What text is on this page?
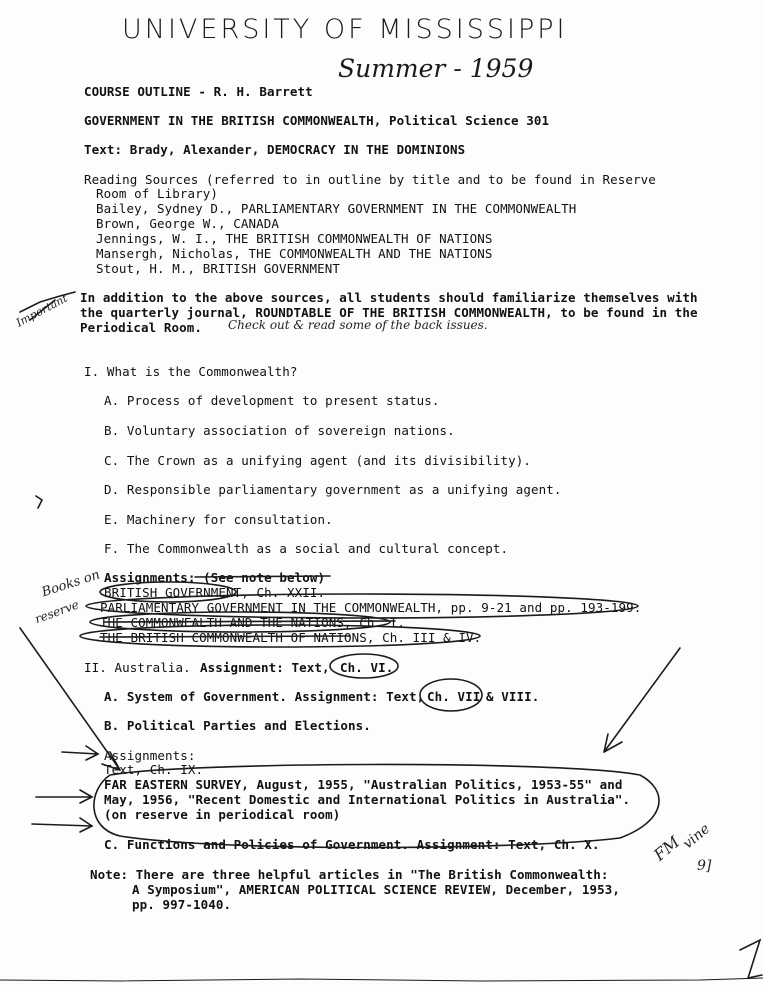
UNIVERSITY OF MISSISSIPPI
Summer - 1959
COURSE OUTLINE - R. H. Barrett
GOVERNMENT IN THE BRITISH COMMONWEALTH, Political Science 301
Text: Brady, Alexander, DEMOCRACY IN THE DOMINIONS
Reading Sources (referred to in outline by title and to be found in Reserve
Room of Library)
Bailey, Sydney D., PARLIAMENTARY GOVERNMENT IN THE COMMONWEALTH
Brown, George W., CANADA
Jennings, W. I., THE BRITISH COMMONWEALTH OF NATIONS
Mansergh, Nicholas, THE COMMONWEALTH AND THE NATIONS
Stout, H. M., BRITISH GOVERNMENT
In addition to the above sources, all students should familiarize themselves with
the quarterly journal, ROUNDTABLE OF THE BRITISH COMMONWEALTH, to be found in the
Periodical Room. Check out & read some of the back issues.
I. What is the Commonwealth?
A. Process of development to present status.
B. Voluntary association of sovereign nations.
C. The Crown as a unifying agent (and its divisibility).
D. Responsible parliamentary government as a unifying agent.
E. Machinery for consultation.
F. The Commonwealth as a social and cultural concept.
Assignments: (See note below)
BRITISH GOVERNMENT, Ch. XXII.
PARLIAMENTARY GOVERNMENT IN THE COMMONWEALTH, pp. 9-21 and pp. 193-199.
THE COMMONWEALTH AND THE NATIONS, Ch. I.
THE BRITISH COMMONWEALTH OF NATIONS, Ch. III & IV.
II. Australia. Assignment: Text, Ch. VI.
A. System of Government. Assignment: Text, Ch. VII & VIII.
B. Political Parties and Elections.
Assignments:
Text, Ch. IX.
FAR EASTERN SURVEY, August, 1955, "Australian Politics, 1953-55" and
May, 1956, "Recent Domestic and International Politics in Australia".
(on reserve in periodical room)
C. Functions and Policies of Government. Assignment: Text, Ch. X.
Note: There are three helpful articles in "The British Commonwealth:
A Symposium", AMERICAN POLITICAL SCIENCE REVIEW, December, 1953,
pp. 997-1040.
Important
Books on
reserve
FM
vine
9]
